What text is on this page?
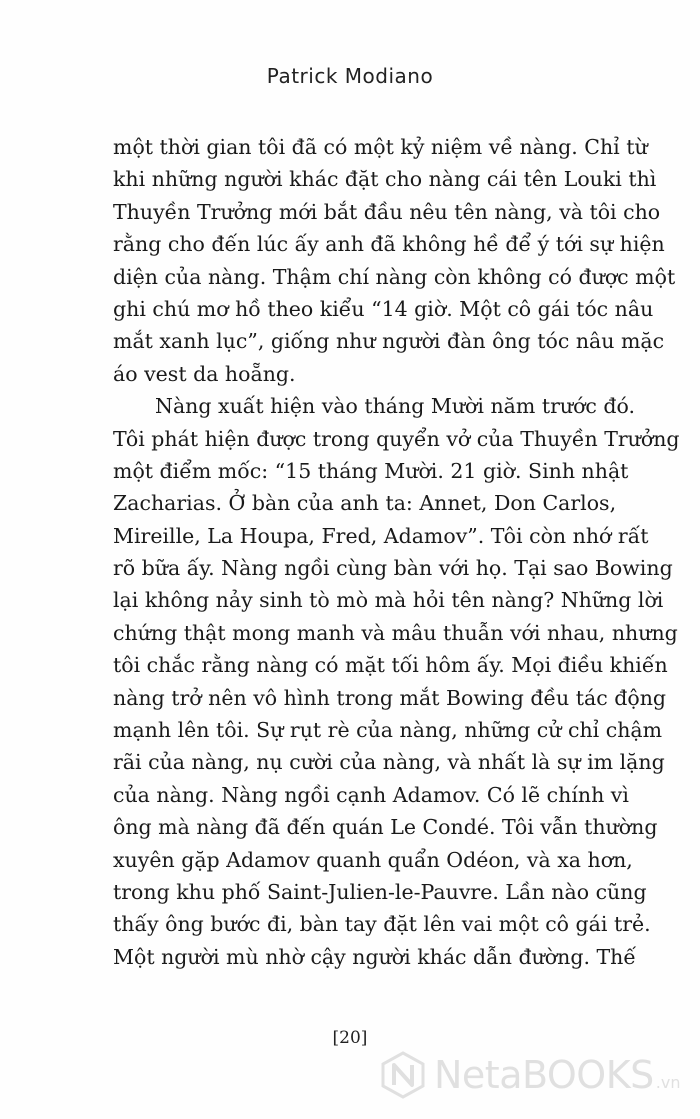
Patrick Modiano
một thời gian tôi đã có một kỷ niệm về nàng. Chỉ từ
khi những người khác đặt cho nàng cái tên Louki thì
Thuyền Trưởng mới bắt đầu nêu tên nàng, và tôi cho
rằng cho đến lúc ấy anh đã không hề để ý tới sự hiện
diện của nàng. Thậm chí nàng còn không có được một
ghi chú mơ hồ theo kiểu “14 giờ. Một cô gái tóc nâu
mắt xanh lục”, giống như người đàn ông tóc nâu mặc
áo vest da hoẵng.
Nàng xuất hiện vào tháng Mười năm trước đó.
Tôi phát hiện được trong quyển vở của Thuyền Trưởng
một điểm mốc: “15 tháng Mười. 21 giờ. Sinh nhật
Zacharias. Ở bàn của anh ta: Annet, Don Carlos,
Mireille, La Houpa, Fred, Adamov”. Tôi còn nhớ rất
rõ bữa ấy. Nàng ngồi cùng bàn với họ. Tại sao Bowing
lại không nảy sinh tò mò mà hỏi tên nàng? Những lời
chứng thật mong manh và mâu thuẫn với nhau, nhưng
tôi chắc rằng nàng có mặt tối hôm ấy. Mọi điều khiến
nàng trở nên vô hình trong mắt Bowing đều tác động
mạnh lên tôi. Sự rụt rè của nàng, những cử chỉ chậm
rãi của nàng, nụ cười của nàng, và nhất là sự im lặng
của nàng. Nàng ngồi cạnh Adamov. Có lẽ chính vì
ông mà nàng đã đến quán Le Condé. Tôi vẫn thường
xuyên gặp Adamov quanh quẩn Odéon, và xa hơn,
trong khu phố Saint-Julien-le-Pauvre. Lần nào cũng
thấy ông bước đi, bàn tay đặt lên vai một cô gái trẻ.
Một người mù nhờ cậy người khác dẫn đường. Thế
[20]
NetaBOOKS .vn
